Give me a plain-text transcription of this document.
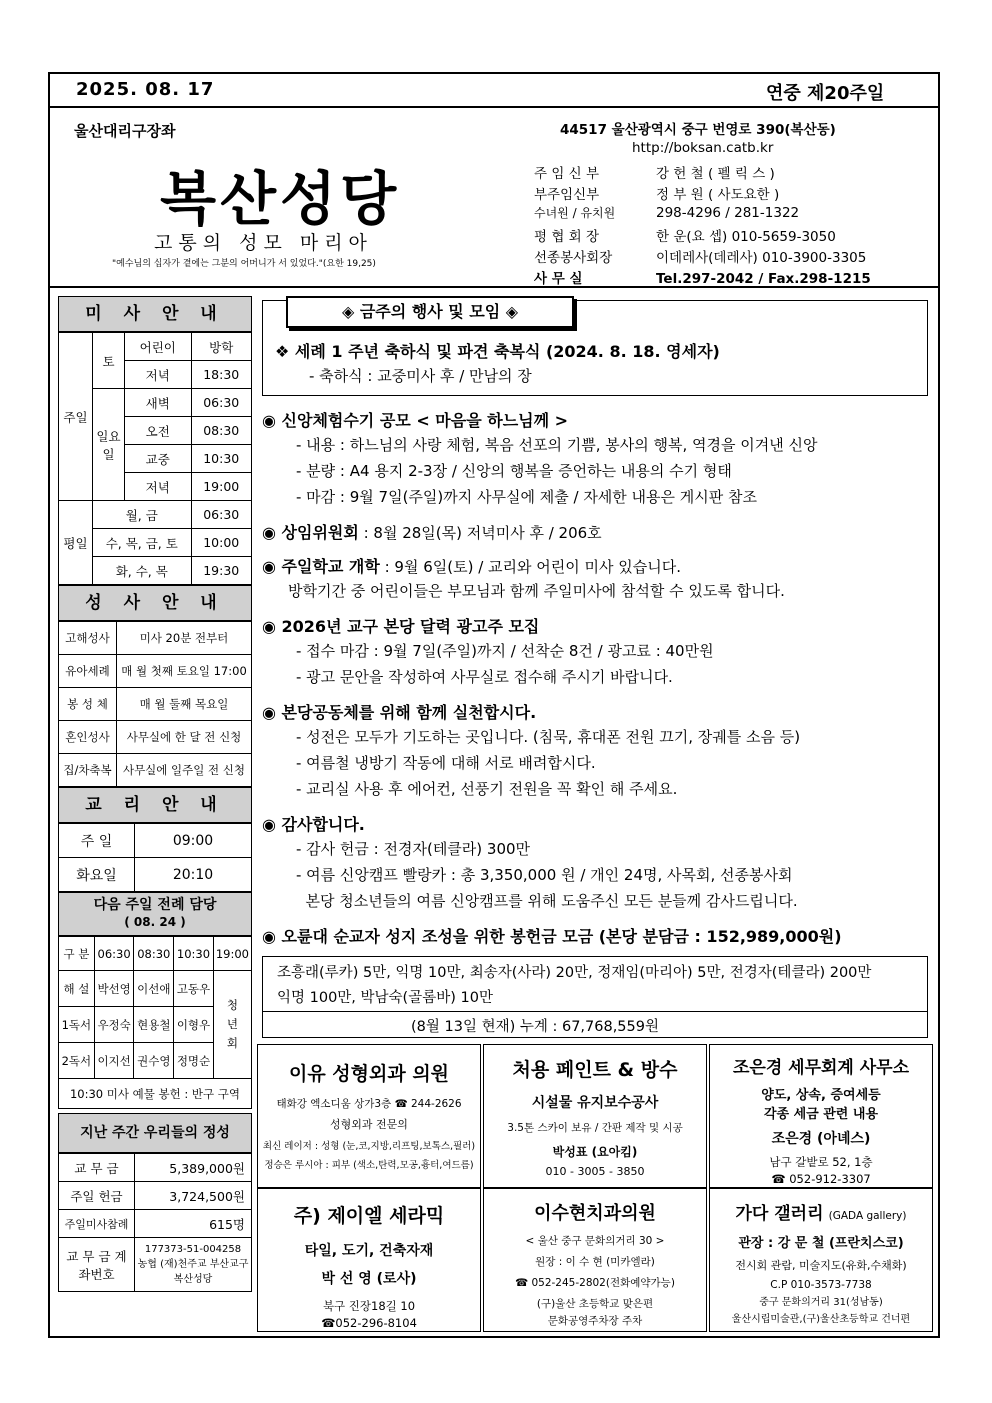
2025. 08. 17	연중 제20주일
울산대리구장좌
복산성당
고통의 성모 마리아
"예수님의 십자가 곁에는 그분의 어머니가 서 있었다."(요한 19,25)
44517 울산광역시 중구 번영로 390(복산동)
http://boksan.catb.kr
주 임 신 부	강 헌 철 ( 펠 릭 스 )
부주임신부	정 부 원 ( 사도요한 )
수녀원 / 유치원	298-4296 / 281-1322
평 협 회 장	한 운(요 셉) 010-5659-3050
선종봉사회장	이데레사(데레사) 010-3900-3305
사 무 실	Tel.297-2042 / Fax.298-1215
미 사 안 내
주일	토	어린이	방학
		저녁	18:30
	일요일	새벽	06:30
		오전	08:30
		교중	10:30
		저녁	19:00
평일	월, 금		06:30
	수, 목, 금, 토		10:00
	화, 수, 목		19:30
성 사 안 내
고해성사	미사 20분 전부터
유아세례	매 월 첫째 토요일 17:00
봉 성 체	매 월 둘째 목요일
혼인성사	사무실에 한 달 전 신청
집/차축복	사무실에 일주일 전 신청
교 리 안 내
주 일	09:00
화요일	20:10
다음 주일 전례 담당
( 08. 24 )
구 분	06:30	08:30	10:30	19:00
해 설	박선영	이선애	고동우	청년회
1독서	우정숙	현용철	이형우	
2독서	이지선	권수영	정명순	
10:30 미사 예물 봉헌 : 반구 구역				
지난 주간 우리들의 정성
교 무 금	5,389,000원
주일 헌금	3,724,500원
주일미사참례	615명
교 무 금 계좌번호	177373-51-004258
농협 (재)천주교 부산교구
복산성당
◈ 금주의 행사 및 모임 ◈
❖ 세례 1 주년 축하식 및 파견 축복식 (2024. 8. 18. 영세자)
- 축하식 : 교중미사 후 / 만남의 장
◉ 신앙체험수기 공모 < 마음을 하느님께 >
- 내용 : 하느님의 사랑 체험, 복음 선포의 기쁨, 봉사의 행복, 역경을 이겨낸 신앙
- 분량 : A4 용지 2-3장 / 신앙의 행복을 증언하는 내용의 수기 형태
- 마감 : 9월 7일(주일)까지 사무실에 제출 / 자세한 내용은 게시판 참조
◉ 상임위원회 : 8월 28일(목) 저녁미사 후 / 206호
◉ 주일학교 개학 : 9월 6일(토) / 교리와 어린이 미사 있습니다.
방학기간 중 어린이들은 부모님과 함께 주일미사에 참석할 수 있도록 합니다.
◉ 2026년 교구 본당 달력 광고주 모집
- 접수 마감 : 9월 7일(주일)까지 / 선착순 8건 / 광고료 : 40만원
- 광고 문안을 작성하여 사무실로 접수해 주시기 바랍니다.
◉ 본당공동체를 위해 함께 실천합시다.
- 성전은 모두가 기도하는 곳입니다. (침묵, 휴대폰 전원 끄기, 장궤틀 소음 등)
- 여름철 냉방기 작동에 대해 서로 배려합시다.
- 교리실 사용 후 에어컨, 선풍기 전원을 꼭 확인 해 주세요.
◉ 감사합니다.
- 감사 헌금 : 전경자(테클라) 300만
- 여름 신앙캠프 빨랑카 : 총 3,350,000 원 / 개인 24명, 사목회, 선종봉사회
본당 청소년들의 여름 신앙캠프를 위해 도움주신 모든 분들께 감사드립니다.
◉ 오륜대 순교자 성지 조성을 위한 봉헌금 모금 (본당 분담금 : 152,989,000원)
조흥래(루카) 5만, 익명 10만, 최송자(사라) 20만, 정재임(마리아) 5만, 전경자(테클라) 200만
익명 100만, 박남숙(골롬바) 10만
(8월 13일 현재) 누계 : 67,768,559원
이유 성형외과 의원
태화강 엑소디움 상가3층 ☎ 244-2626
성형외과 전문의
최신 레이저 : 성형 (눈,코,지방,리프팅,보톡스,필러)
정승은 루시아 : 피부 (색소,탄력,모공,흉터,여드름)
처용 페인트 & 방수
시설물 유지보수공사
3.5톤 스카이 보유 / 간판 제작 및 시공
박성표 (요아킴)
010 - 3005 - 3850
조은경 세무회계 사무소
양도, 상속, 증여세등
각종 세금 관련 내용
조은경 (아녜스)
남구 갈밭로 52, 1층
☎ 052-912-3307
주) 제이엘 세라믹
타일, 도기, 건축자재
박 선 영 (로사)
북구 진장18길 10
☎052-296-8104
이수현치과의원
< 울산 중구 문화의거리 30 >
원장 : 이 수 현 (미카엘라)
☎ 052-245-2802(전화예약가능)
(구)울산 초등학교 맞은편
문화공영주차장 주차
가다 갤러리 (GADA gallery)
관장 : 강 문 철 (프란치스코)
전시회 관람, 미술지도(유화,수채화)
C.P 010-3573-7738
중구 문화의거리 31(성남동)
울산시립미술관,(구)울산초등학교 건너편
